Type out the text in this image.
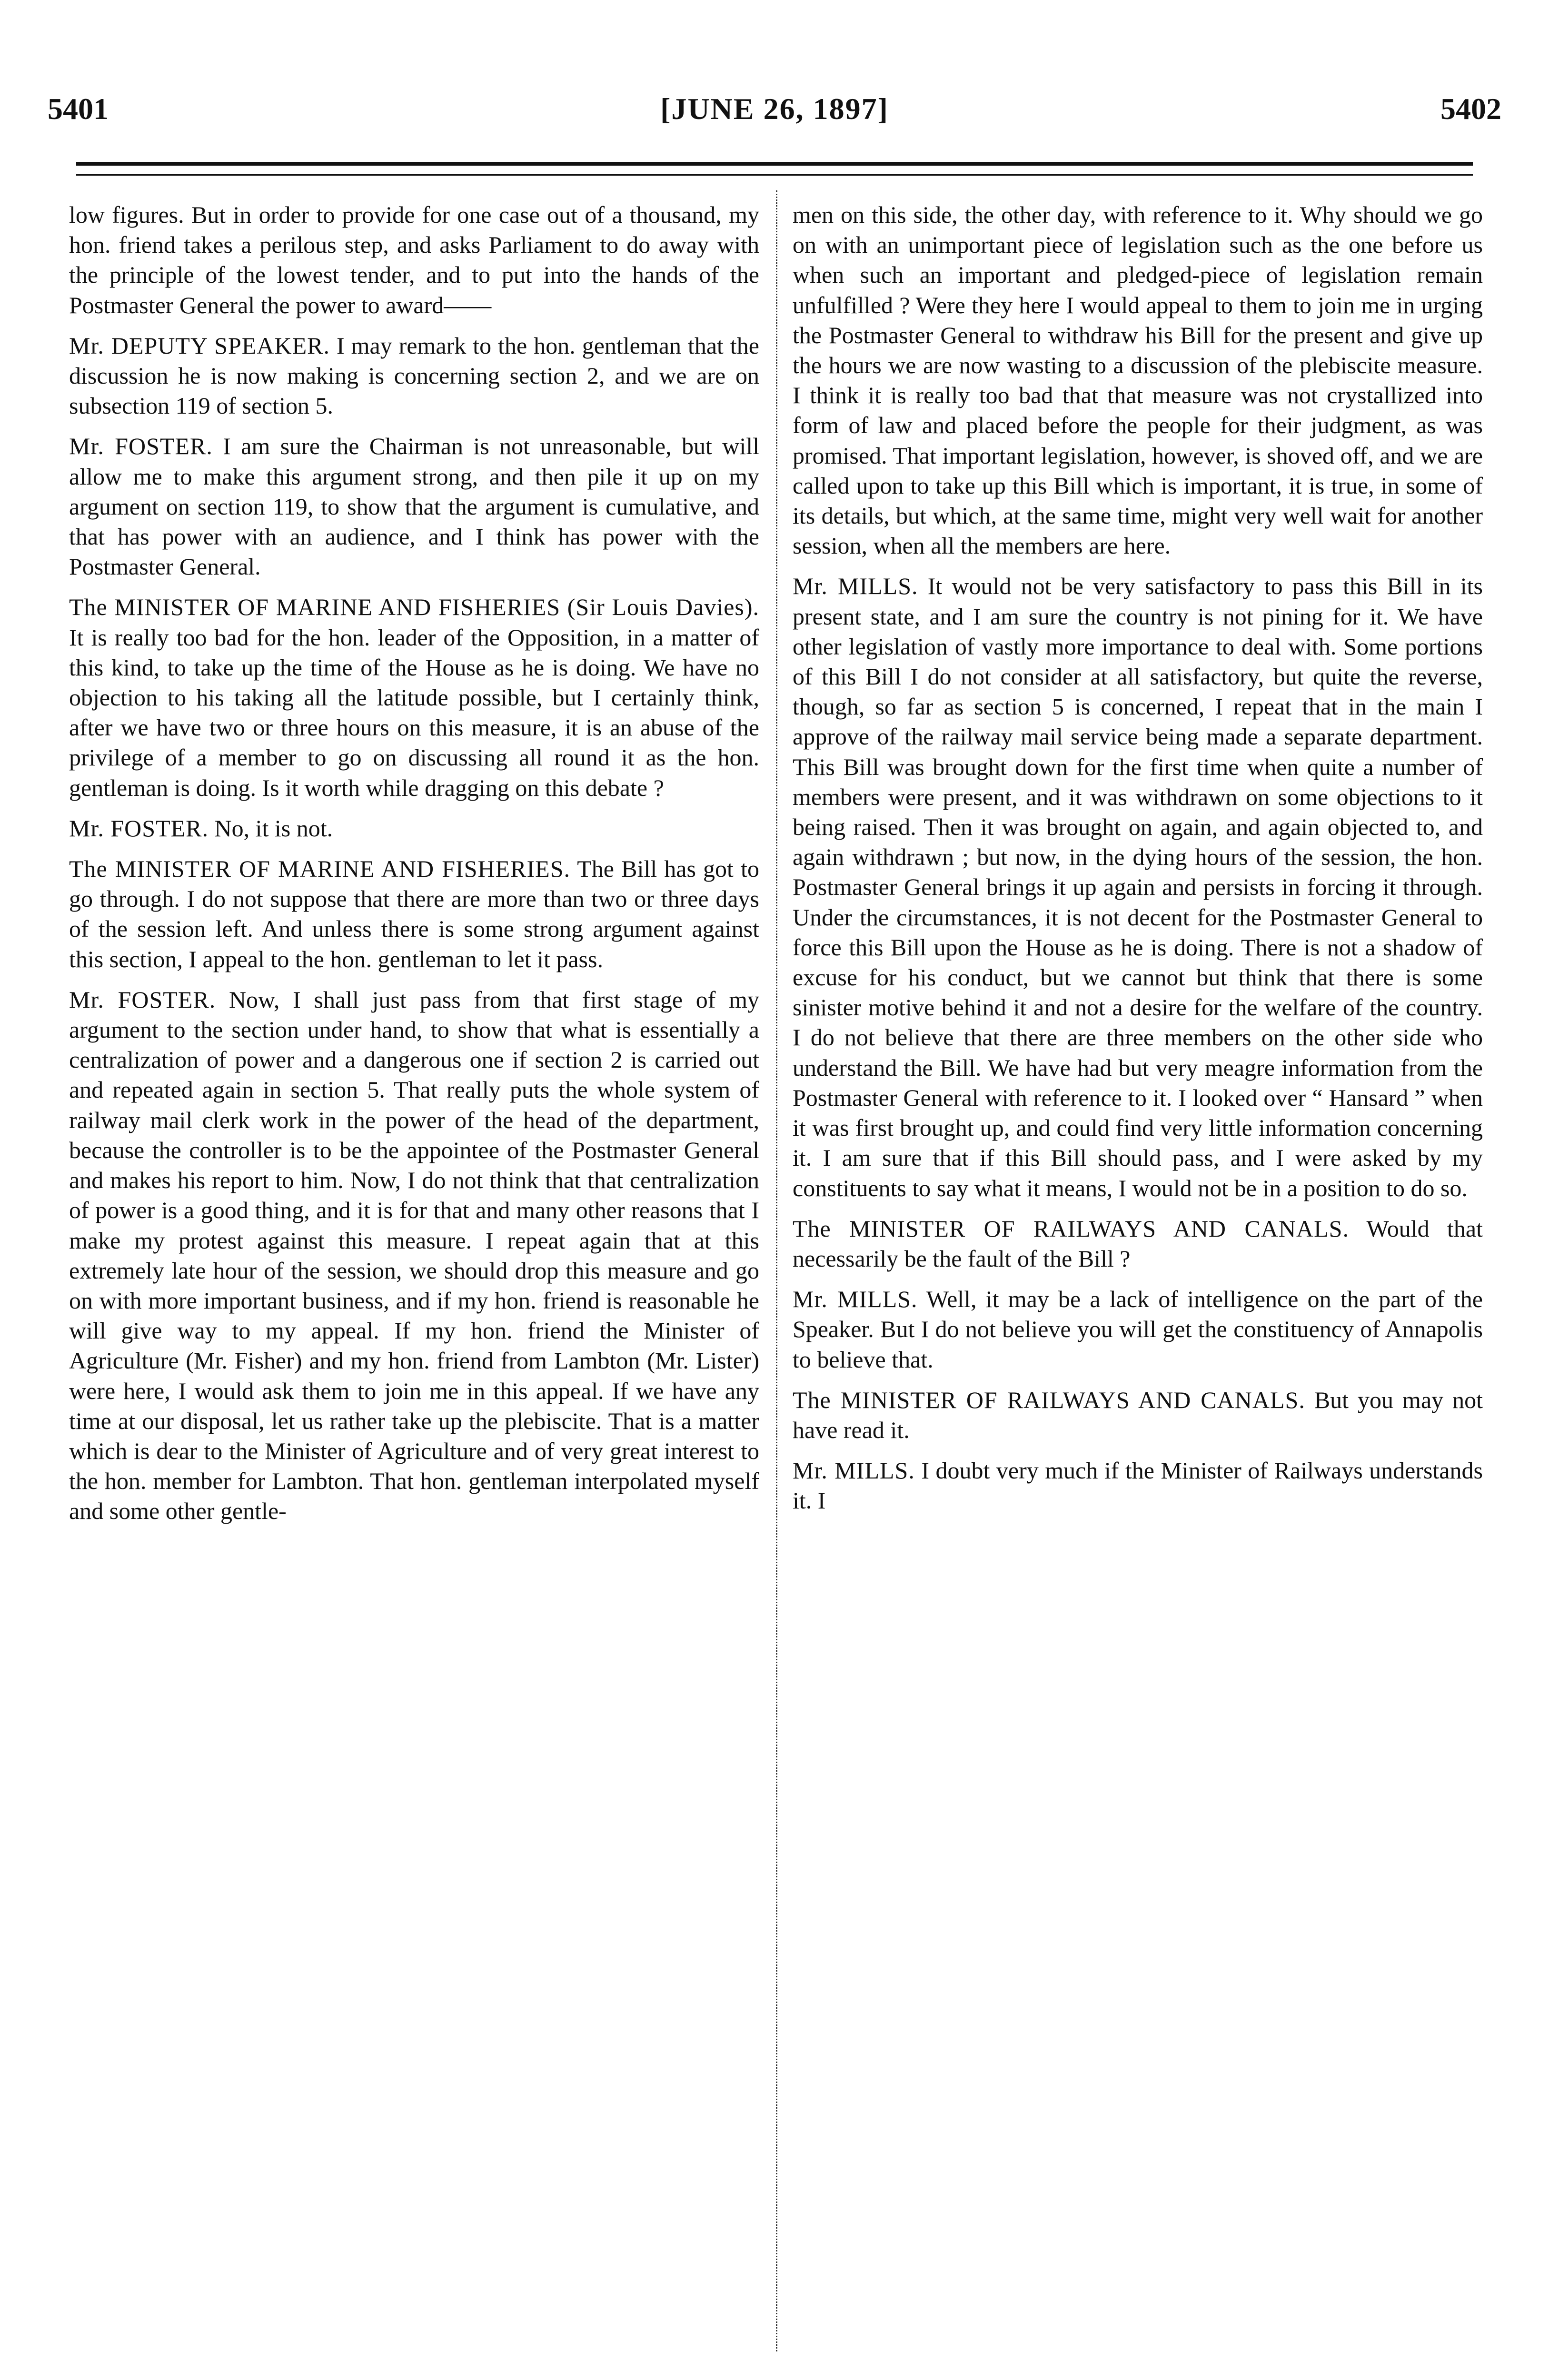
5401	[JUNE 26, 1897]	5402

low figures. But in order to provide for one case out of a thousand, my hon. friend takes a perilous step, and asks Parliament to do away with the principle of the lowest tender, and to put into the hands of the Postmaster General the power to award——

Mr. DEPUTY SPEAKER. I may remark to the hon. gentleman that the discussion he is now making is concerning section 2, and we are on subsection 119 of section 5.

Mr. FOSTER. I am sure the Chairman is not unreasonable, but will allow me to make this argument strong, and then pile it up on my argument on section 119, to show that the argument is cumulative, and that has power with an audience, and I think has power with the Postmaster General.

The MINISTER OF MARINE AND FISHERIES (Sir Louis Davies). It is really too bad for the hon. leader of the Opposition, in a matter of this kind, to take up the time of the House as he is doing. We have no objection to his taking all the latitude possible, but I certainly think, after we have two or three hours on this measure, it is an abuse of the privilege of a member to go on discussing all round it as the hon. gentleman is doing. Is it worth while dragging on this debate ?

Mr. FOSTER. No, it is not.

The MINISTER OF MARINE AND FISHERIES. The Bill has got to go through. I do not suppose that there are more than two or three days of the session left. And unless there is some strong argument against this section, I appeal to the hon. gentleman to let it pass.

Mr. FOSTER. Now, I shall just pass from that first stage of my argument to the section under hand, to show that what is essentially a centralization of power and a dangerous one if section 2 is carried out and repeated again in section 5. That really puts the whole system of railway mail clerk work in the power of the head of the department, because the controller is to be the appointee of the Postmaster General and makes his report to him. Now, I do not think that that centralization of power is a good thing, and it is for that and many other reasons that I make my protest against this measure. I repeat again that at this extremely late hour of the session, we should drop this measure and go on with more important business, and if my hon. friend is reasonable he will give way to my appeal. If my hon. friend the Minister of Agriculture (Mr. Fisher) and my hon. friend from Lambton (Mr. Lister) were here, I would ask them to join me in this appeal. If we have any time at our disposal, let us rather take up the plebiscite. That is a matter which is dear to the Minister of Agriculture and of very great interest to the hon. member for Lambton. That hon. gentleman interpolated myself and some other gentle-

men on this side, the other day, with reference to it. Why should we go on with an unimportant piece of legislation such as the one before us when such an important and pledged-piece of legislation remain unfulfilled ? Were they here I would appeal to them to join me in urging the Postmaster General to withdraw his Bill for the present and give up the hours we are now wasting to a discussion of the plebiscite measure. I think it is really too bad that that measure was not crystallized into form of law and placed before the people for their judgment, as was promised. That important legislation, however, is shoved off, and we are called upon to take up this Bill which is important, it is true, in some of its details, but which, at the same time, might very well wait for another session, when all the members are here.

Mr. MILLS. It would not be very satisfactory to pass this Bill in its present state, and I am sure the country is not pining for it. We have other legislation of vastly more importance to deal with. Some portions of this Bill I do not consider at all satisfactory, but quite the reverse, though, so far as section 5 is concerned, I repeat that in the main I approve of the railway mail service being made a separate department. This Bill was brought down for the first time when quite a number of members were present, and it was withdrawn on some objections to it being raised. Then it was brought on again, and again objected to, and again withdrawn ; but now, in the dying hours of the session, the hon. Postmaster General brings it up again and persists in forcing it through. Under the circumstances, it is not decent for the Postmaster General to force this Bill upon the House as he is doing. There is not a shadow of excuse for his conduct, but we cannot but think that there is some sinister motive behind it and not a desire for the welfare of the country. I do not believe that there are three members on the other side who understand the Bill. We have had but very meagre information from the Postmaster General with reference to it. I looked over “ Hansard ” when it was first brought up, and could find very little information concerning it. I am sure that if this Bill should pass, and I were asked by my constituents to say what it means, I would not be in a position to do so.

The MINISTER OF RAILWAYS AND CANALS. Would that necessarily be the fault of the Bill ?

Mr. MILLS. Well, it may be a lack of intelligence on the part of the Speaker. But I do not believe you will get the constituency of Annapolis to believe that.

The MINISTER OF RAILWAYS AND CANALS. But you may not have read it.

Mr. MILLS. I doubt very much if the Minister of Railways understands it. I
